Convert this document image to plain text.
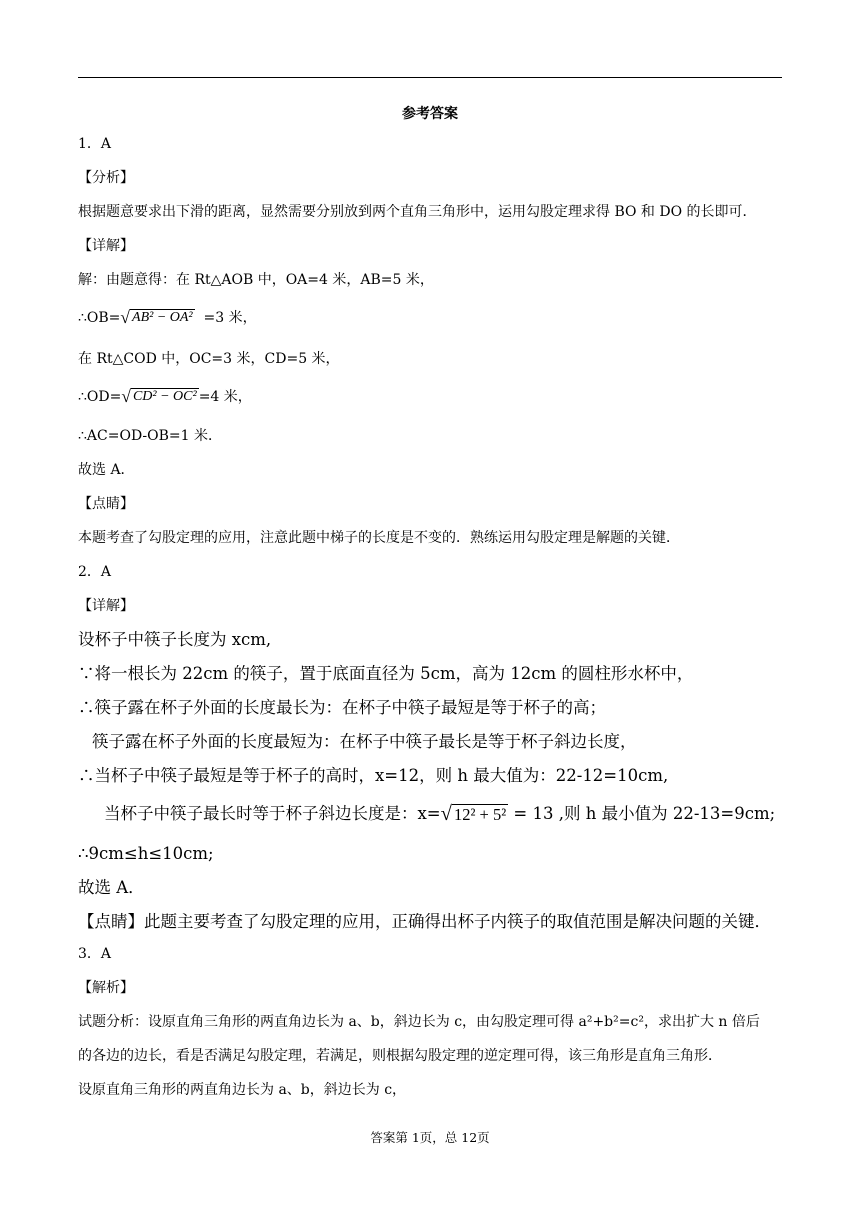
参考答案
1．A
【分析】
根据题意要求出下滑的距离，显然需要分别放到两个直角三角形中，运用勾股定理求得 BO 和 DO 的长即可．
【详解】
解：由题意得：在 Rt△AOB 中，OA=4 米，AB=5 米，
∴OB= √ AB² − OA² =3 米，
在 Rt△COD 中，OC=3 米，CD=5 米，
∴OD= √ CD² − OC² =4 米，
∴AC=OD-OB=1 米．
故选 A．
【点睛】
本题考查了勾股定理的应用，注意此题中梯子的长度是不变的．熟练运用勾股定理是解题的关键．
2．A
【详解】
设杯子中筷子长度为 xcm,
∵将一根长为 22cm 的筷子，置于底面直径为 5cm，高为 12cm 的圆柱形水杯中，
∴筷子露在杯子外面的长度最长为：在杯子中筷子最短是等于杯子的高；
筷子露在杯子外面的长度最短为：在杯子中筷子最长是等于杯子斜边长度，
∴当杯子中筷子最短是等于杯子的高时，x=12，则 h 最大值为：22-12=10cm,
当杯子中筷子最长时等于杯子斜边长度是：x= √ 12² + 5² = 13 ,则 h 最小值为 22-13=9cm;
∴9cm≤h≤10cm;
故选 A．
【点睛】此题主要考查了勾股定理的应用，正确得出杯子内筷子的取值范围是解决问题的关键．
3．A
【解析】
试题分析：设原直角三角形的两直角边长为 a、b，斜边长为 c，由勾股定理可得 a²+b²=c²，求出扩大 n 倍后
的各边的边长，看是否满足勾股定理，若满足，则根据勾股定理的逆定理可得，该三角形是直角三角形．
设原直角三角形的两直角边长为 a、b，斜边长为 c，
答案第 1页，总 12页
